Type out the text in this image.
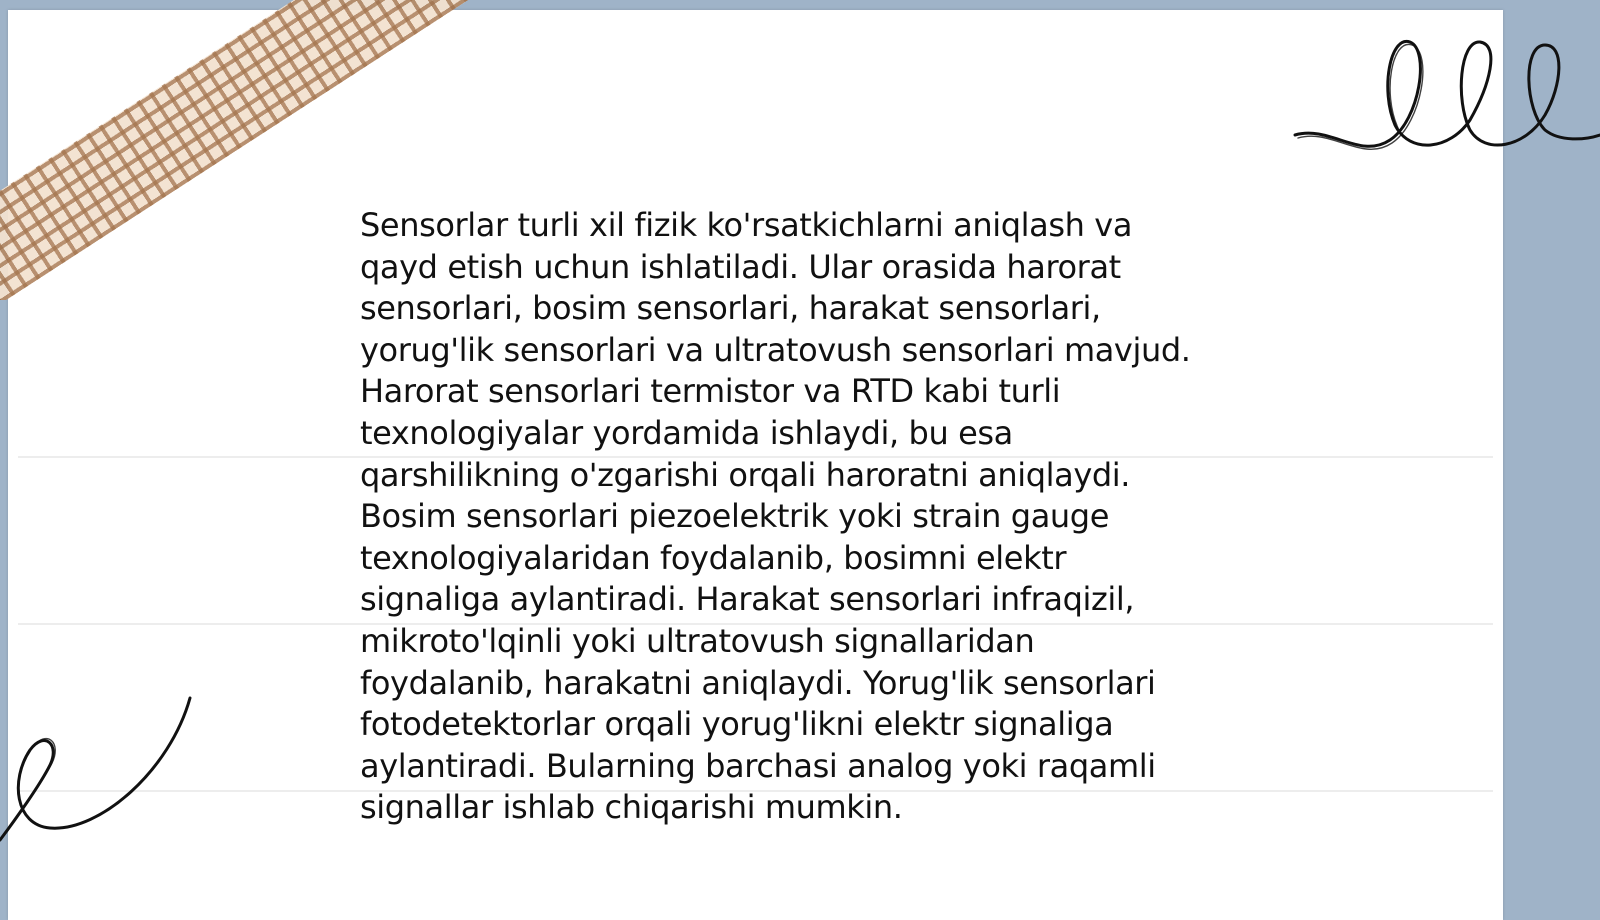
Sensorlar turli xil fizik ko'rsatkichlarni aniqlash va
qayd etish uchun ishlatiladi. Ular orasida harorat
sensorlari, bosim sensorlari, harakat sensorlari,
yorug'lik sensorlari va ultratovush sensorlari mavjud.
Harorat sensorlari termistor va RTD kabi turli
texnologiyalar yordamida ishlaydi, bu esa
qarshilikning o'zgarishi orqali haroratni aniqlaydi.
Bosim sensorlari piezoelektrik yoki strain gauge
texnologiyalaridan foydalanib, bosimni elektr
signaliga aylantiradi. Harakat sensorlari infraqizil,
mikroto'lqinli yoki ultratovush signallaridan
foydalanib, harakatni aniqlaydi. Yorug'lik sensorlari
fotodetektorlar orqali yorug'likni elektr signaliga
aylantiradi. Bularning barchasi analog yoki raqamli
signallar ishlab chiqarishi mumkin.
